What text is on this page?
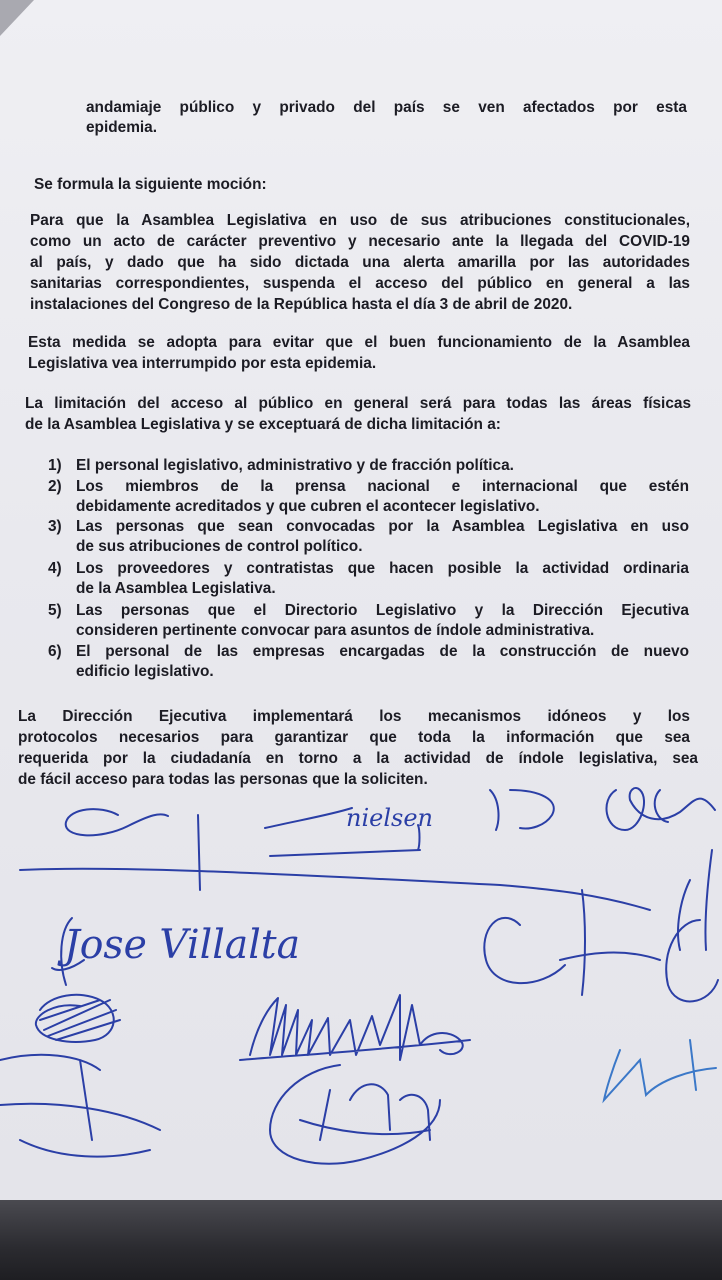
andamiaje público y privado del país se ven afectados por esta
epidemia.
Se formula la siguiente moción:
Para que la Asamblea Legislativa en uso de sus atribuciones constitucionales,
como un acto de carácter preventivo y necesario ante la llegada del COVID-19
al país, y dado que ha sido dictada una alerta amarilla por las autoridades
sanitarias correspondientes, suspenda el acceso del público en general a las
instalaciones del Congreso de la República hasta el día 3 de abril de 2020.
Esta medida se adopta para evitar que el buen funcionamiento de la Asamblea
Legislativa vea interrumpido por esta epidemia.
La limitación del acceso al público en general será para todas las áreas físicas
de la Asamblea Legislativa y se exceptuará de dicha limitación a:
1) El personal legislativo, administrativo y de fracción política.
2) Los miembros de la prensa nacional e internacional que estén
debidamente acreditados y que cubren el acontecer legislativo.
3) Las personas que sean convocadas por la Asamblea Legislativa en uso
de sus atribuciones de control político.
4) Los proveedores y contratistas que hacen posible la actividad ordinaria
de la Asamblea Legislativa.
5) Las personas que el Directorio Legislativo y la Dirección Ejecutiva
consideren pertinente convocar para asuntos de índole administrativa.
6) El personal de las empresas encargadas de la construcción de nuevo
edificio legislativo.
La Dirección Ejecutiva implementará los mecanismos idóneos y los
protocolos necesarios para garantizar que toda la información que sea
requerida por la ciudadanía en torno a la actividad de índole legislativa, sea
de fácil acceso para todas las personas que la soliciten.
nielsen
Jose Villalta
